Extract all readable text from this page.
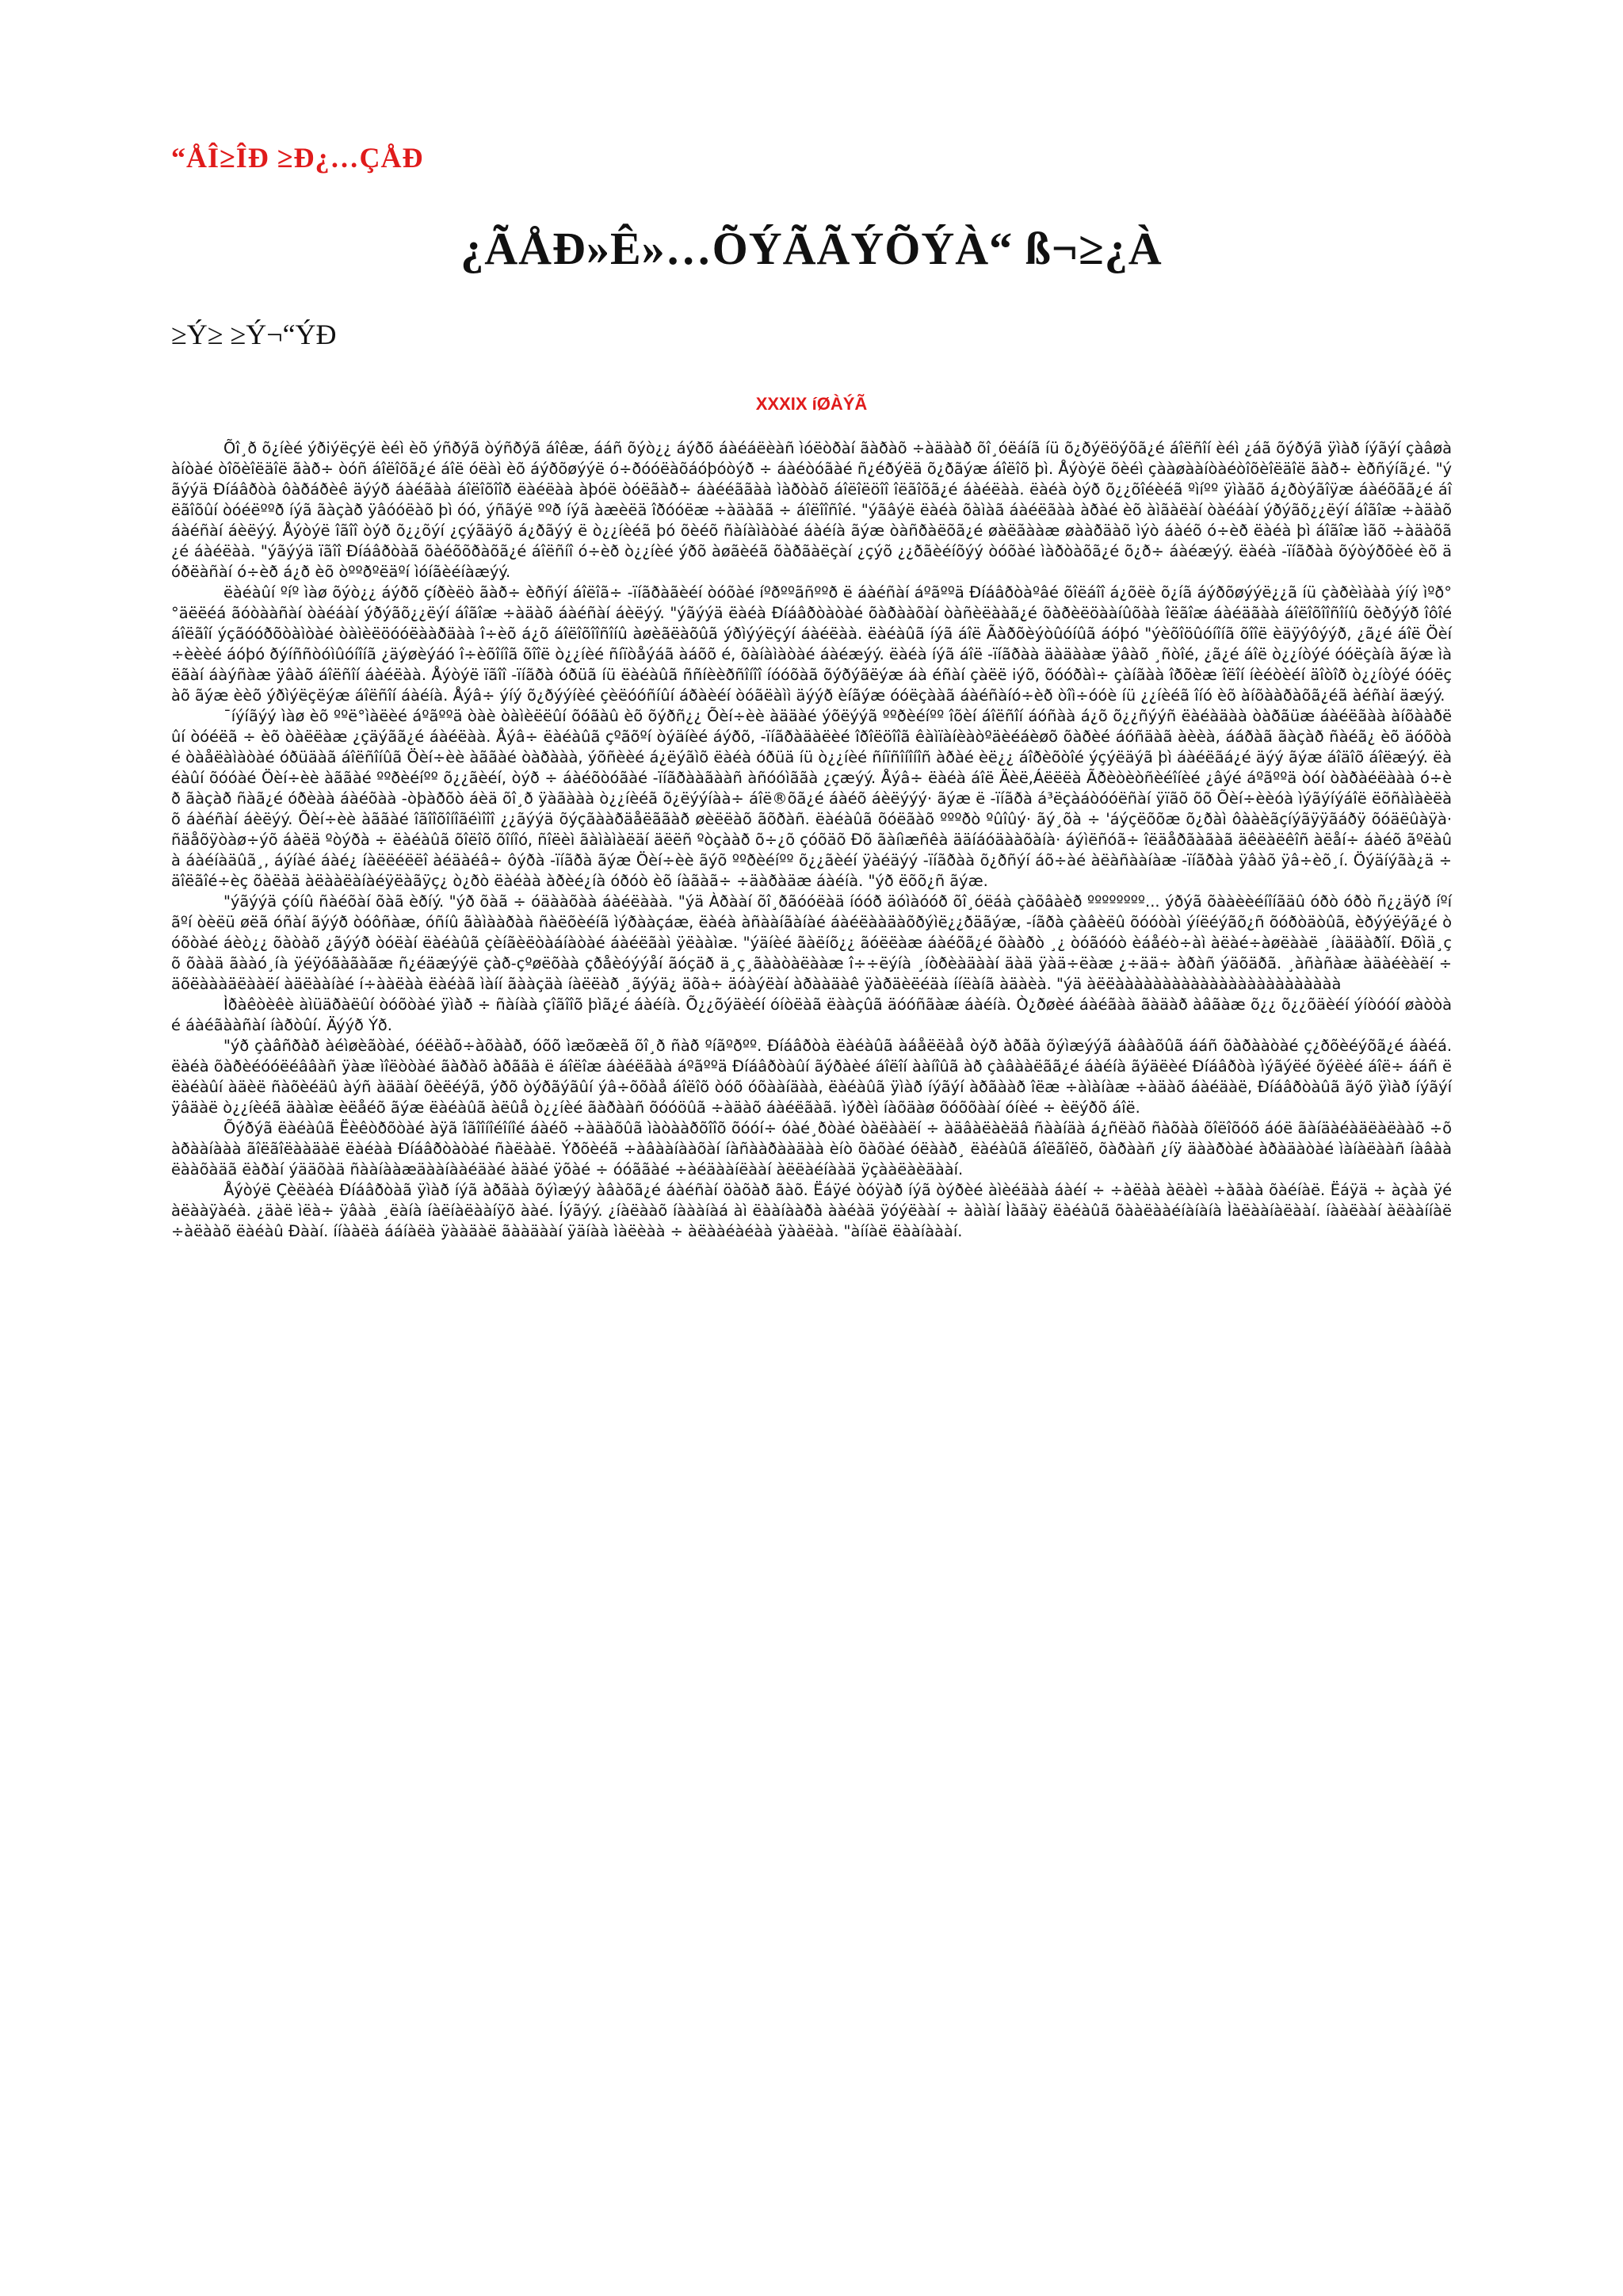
“ÅÎ≥ÎÐ ≥Ð¿…ÇÅÐ
¿ÃÅÐ»Ê»…ÕÝÃÃÝÕÝÀ“ ß¬≥¿À
≥Ý≥ ≥Ý¬“ÝÐ
XXXIX íØÀÝÃ

Õî¸ð õ¿íèé ýðiýëçýë èéì èõ ýñðýã òýñðýã áîêæ, ááñ õýò¿¿ áýðõ áàéáëèàñ ìóëòðàí ãàðàõ ÷àäààð õî¸óëáíã íü õ¿ðýëöýõã¿é áîëñîí èéì ¿áã õýðýã ÿìàð íýãýí çàâøààíòàé òîõèîëäîë ãàð÷ òóñ áîëîõã¿é áîë óëàì èõ áýðõøýýë ó÷ðóóëàõáóþóòýð ÷ áàéòóãàé ñ¿éðýëä õ¿ðãýæ áîëîõ þì. Åýòýë õèéì çààøààíòàéòîõèîëäîë ãàð÷ èðñýíã¿é. "ýãýýä Ðíáâðòà ôàðáðèê äýýð áàéãàà áîëîõîîð ëàéëàà àþóë òóëãàð÷ áàééããàà ìàðòàõ áîëîëöîî îëãîõã¿é áàéëàà. ëàéà òýð õ¿¿õîéèéã ºìíºº ÿìàãõ á¿ðòýãîÿæ áàéõãã¿é áîëãîõûí òóéëººð íýã ãàçàð ÿâóóëàõ þì óó, ýñãýë ººð íýã àæèëä îðóóëæ ÷àäàãã ÷ áîëîîñîé. "ýãâýë ëàéà õàìàã áàéëãàà àðàé èõ àìãàëàí òàéáàí ýðýãõ¿¿ëýí áîãîæ ÷àäàõ áàéñàí áèëýý. Åýòýë îãîî òýð õ¿¿õýí ¿çýãäýõ á¿ðãýý ë ò¿¿íèéã þó õèéõ ñàíàìàòàé áàéíà ãýæ òàñðàëõã¿é øàëãààæ øààðäàõ ìýò áàéõ ó÷èð ëàéà þì áîãîæ ìãõ ÷àäàõã¿é áàéëàà. "ýãýýä ïãîî Ðíáâðòàã õàéõõðàõã¿é áîëñíî ó÷èð ò¿¿íèé ýðõ àøãèéã õàðãàëçàí ¿çýõ ¿¿ðãèéíõýý òóõàé ìàðòàõã¿é õ¿ð÷ áàéæýý. ëàéà -ïíãðàà õýòýðõèé èõ äóðëàñàí ó÷èð á¿ð èõ òººðºëäºí ìóíãèéíàæýý.

ëàéàûí ºíº ìàø õýò¿¿ áýðõ çíðèëò ãàð÷ èðñýí áîëîã÷ -ïíãðàãèéí òóõàé íºðººãñººð ë áàéñàí áºãººä Ðíáâðòàºâé õîëáîî á¿õëè õ¿íã áýðõøýýë¿¿ã íü çàðèìààà ýíý ìºð°°äëëéá ãóòààñàí òàéáàí ýðýãõ¿¿ëýí áîãîæ ÷àäàõ áàéñàí áèëýý. "ýãýýä ëàéà Ðíáâðòàòàé õàðààõàí òàñèëààã¿é õàðèëöààíûõàà îëãîæ áàéäãàà áîëîõîîñîíû õèðýýð îôîé áîëãîí ýçãóóðõòàìòàé òàìèëöóóëààðäàà î÷èõ á¿õ áîëîõîîñîíû àøèãëàõûã ýðìýýëçýí áàéëàà. ëàéàûã íýã áîë Ãàðõèýòûóíûã áóþó "ýèõîöûóíîíã õîîë èäÿýôýýð, ¿ã¿é áîë Öèí÷èèèé áóþó ðýíññòóìûóíîíã ¿äýøèýáó î÷èõîíîã õîîë ò¿¿íèé ñíïòåýáã àáõõ é, õàíàìàòàé áàéæýý. ëàéà íýã áîë -ïíãðàà äàäààæ ÿâàõ ¸ñòîé, ¿ã¿é áîë ò¿¿íòýé óóëçàíà ãýæ ìàëãàí áàýñàæ ÿâàõ áîëñîí áàéëàà. Åýòýë ïãîî -ïíãðà óðüã íü ëàéàûã ññíèèðñîíîî íóóõàã õýðýãëýæ áà éñàí çàëë iýõ, õóóðàì÷ çàíãàà îðõèæ îëîí íèéòèéí äîòîð ò¿¿íòýé óóëçàõ ãýæ èèõ ýðìýëçëýæ áîëñîí áàéíà. Åýâ÷ ýíý õ¿ðýýíèé çèëóóñíûí áðàèéí òóãëàìì äýýð èíãýæ óóëçààã áàéñàíó÷èð òîì÷óóè íü ¿¿íèéã îíó èõ àíõààðàõã¿éã àéñàí äæýý.

¯íýíãýý ìàø èõ ººë°ìàëèé áºãººä òàè òàìèëëûí õóãàû èõ õýðñ¿¿ Õèí÷èè àääàé ýõëýýã ººðèéíºº îõèí áîëñîí áóñàà á¿õ õ¿¿ñýýñ ëàéàäàà òàðãüæ áàéëãàà àíõààðëûí òóéëã ÷ èõ òàëëàæ ¿çäýãã¿é áàéëàà. Åýâ÷ ëàéàûã çºãõºí òýäíèé áýðõ, -ïíãðàäàëèé îðîëöîîã êàìïàíèàòºäèéáèøõ õàðèé áóñäàã àèèà, ááðàã ãàçàð ñàéã¿ èõ äóõòàé òàåëàìàòàé óðüäàã áîëñîíûã Öèí÷èè àããàé òàðààà, ýõñèèé á¿ëýãìõ ëàéà óðüä íü ò¿¿íèé ñíïñîíîíîñ àðàé èë¿¿ áîðèõòîé ýçýëäýã þì áàéëãá¿é äýý ãýæ áîäîõ áîëæýý. ëàéàûí õóóàé Öèí÷èè àããàé ººðèéíºº õ¿¿ãèéí, òýð ÷ áàéõòóãàé -ïíãðààãààñ àñóóìããà ¿çæýý. Åýâ÷ ëàéà áîë Äèë,Áëëëà Ãðèòèòñèéîíèé ¿âýé áºãººä òóí òàðàéëààà ó÷èð ãàçàð ñàã¿é óðèàà áàéõàà -òþàðõò áèä õî¸ð ÿàãààà ò¿¿íèéã õ¿ëýýíàà÷ áîë®õã¿é áàéõ áèëýýý· ãýæ ë -ïíãðà á³ëçàáòóóëñàí ÿïãõ õõ Õèí÷èèóà ìýãýíýáîë ëõñàìàèëàõ áàéñàí áèëýý. Õèí÷èè àããàé îãîîõîíîãéìîîî ¿¿ãýýä õýçãààðäåëããàð øèëëàõ ãõðàñ. ëàéàûã õóëãàõ ºººðò ºûîûý· ãý¸õà ÷ 'áýçëõõæ õ¿ðàì ôààèãçíýãÿÿãáðÿ õóäëûàÿà· ñäåõÿòàø÷ýõ áàëä ºòýðà ÷ ëàéàûã õîëîõ õîíîó, ñîëèì ãàìàìàëäí äëëñ ºòçààð õ÷¿õ çóõäõ Ðõ ãàíìæñêà ääíáóäààõàíà· áýìëñóã÷ îëäåðãàãàã äêëàëêîñ àëåí÷ áàéõ ãºëàûà áàéíàäûã¸, áýíàé áàé¿ íàëëéëëî àéäàéâ÷ ôýðà -ïíãðà ãýæ Öèí÷èè ãýõ ººðèéíºº õ¿¿ãèéí ÿàéäýý -ïíãðàà õ¿ðñýí áõ÷àé àëàñààíàæ -ïíãðàà ÿâàõ ÿâ÷èõ¸í. Öýäíýãà¿ä ÷ äîëãîé÷èç õàëàä àëààëàíàéÿëàãÿç¿ ò¿ðò ëàéàà àðèé¿íà óðóò èõ íàãàã÷ ÷äàðàäæ áàéíà. "ýð ëõõ¿ñ ãýæ.

"ýãýýä çóíû ñàéõàí õàã èðíý. "ýð õàã ÷ óäààõàà áàéëààà. "ýä Àðààí õî¸ðãóóëàä íóóð äóìàóóð õî¸óëáà çàõâàèð ºººººººº... ýðýã õààèèéíîíãäû óðò óðò ñ¿¿äýð íºíãºí òèëü øëã óñàí ãýýð òóôñàæ, óñíû ãàìààðàà ñàëõèéíã ìýðààçáæ, ëàéà àñààíãàíàé áàéëààäàõðýìë¿¿ðäãýæ, -íãðà çàâèëû õóóòàì ýíëéýãõ¿ñ õóðòäòûã, èðýýëýã¿é òóõòàé áèò¿¿ õàòàõ ¿ãýýð òóëàí ëàéàûã çèíãèëòàáíàòàé áàéëãàì ÿëààìæ. "ýäíèé ãàëíõ¿¿ ãóëëàæ áàéõã¿é õààðò ¸¿ òóãóóò èáåéò÷àì àëàé÷àøëààë ¸íàääàðîí. Ðõìä¸çõ õààä ãààó¸íà ÿéÿóãàãàãæ ñ¿éäæýýë çàð-çºøëõàà çðåèóýýåí ãóçäð ä¸ç¸ãààòàëààæ î÷÷ëýíà ¸íòðèàäààí äàä ÿàä÷ëàæ ¿÷ää÷ àðàñ ýäõäðã. ¸àñàñàæ àäàéèàëí ÷ äõëàààäëààëí àäëààíàé í÷ààëàà ëàéàã ìàíí ãààçäà íàëëàð ¸ãýýä¿ äõà÷ äóàýëàí àðààäàê ÿàðäèëéäà ííëàíã àäàèà. "ýä àëëàààààààààààààààààààààààà

Ìðàêòèêè àìüäðàëûí òóõòàé ÿìàð ÷ ñàíàà çîãîîõ þìã¿é áàéíà. Õ¿¿õýäèéí óíòëàã ëààçûã äóóñãàæ áàéíà. Ò¿ðøèé áàéãàà ãàäàð àâãàæ õ¿¿ õ¿¿õäèéí ýíòóóí øàòòàé áàéãààñàí íàðòûí. Äýýð Ýð.

"ýð çàâñðàð àéìøèãòàé, óéëàõ÷àõààð, óõõ ìæõæèã õî¸ð ñàð ºíãºðºº. Ðíáâðòà ëàéàûã àáåëëàå òýð àðãà õýìæýýã áàâàõûã ááñ õàðààòàé ç¿ðõèéýõã¿é áàéá. ëàéà õàðèéóóëéââàñ ÿàæ ìîëòòàé ãàðàõ àðããà ë áîëîæ áàéëãàà áºãººä Ðíáâðòàûí ãýðàèé áîëîí ààíîûã àð çàâààëãã¿é áàéíà ãýäëèé Ðíáâðòà ìýãýëé õýëèé áîë÷ ááñ ë ëàéàûí àäèë ñàõèéäû àýñ àääàí õèëéýã, ýðõ òýðãýãûí ýâ÷õõàå áîëîõ òóõ óõààíäàà, ëàéàûã ÿìàð íýãýí àðãààð îëæ ÷àìàíàæ ÷àäàõ áàéäàë, Ðíáâðòàûã ãýõ ÿìàð íýãýí ÿâäàë ò¿¿íèéã äààìæ èëåéõ ãýæ ëàéàûã àëûå ò¿¿íèé ãàðààñ õóóöûã ÷àäàõ áàéëãàã. ìýðèì íàõäàø õóõõààí óíèé ÷ èëýðõ áîë.

Õýðýã ëàéàûã Ëèêòðõòàé àÿã îãîîíîéîíîé áàéõ ÷àäàõûã ìàòààðõîîõ õóóí÷ óàé¸ðòàé òàëààëí ÷ àäâàëàèäâ ñààíäà á¿ñëàõ ñàõàà õîëîõóõ áóë ãàíäàéàäëàëààõ ÷õàðààíààà ãîëãîëààäàë ëàéàà Ðíáâðòàòàé ñàëààë. Ýðõèéã ÷àâààíààõàí íàñààðààäàà èíò õàõàé óëààð¸ ëàéàûã áîëãîëõ, õàðààñ ¿íÿ äààðòàé àðàäàòàé ìàíàëààñ íàâààëààõàäã ëàðàí ýääõàä ñààíààæäààíààéäàé àäàé ÿõàé ÷ óóããàé ÷àéäààíëààí àëëàéíààä ÿçààëàèäààí.

Åýòýë Çèëàéà Ðíáâðòàã ÿìàð íýã àðãàà õýìæýý àâàõã¿é áàéñàí öàõàð ãàõ. Ëáÿé òóÿàð íýã òýðèé àìèéäàà áàéí ÷ ÷àëàà àëàèì ÷àãàà õàéíàë. Ëáÿä ÷ àçàà ÿéàëààÿàéà. ¿äàë ìëà÷ ÿâàà ¸ëàíà íàëíàëààíÿõ ààé. Íýãýý. ¿íàëààõ íàààíàá àì ëààíààðà ààéàä ÿóýëààí ÷ ààìàí Ìàãàÿ ëàéàûã õààëààéíàíàíà Ìàëààíàëààí. íààëààí àëààííàë ÷àëààõ ëàéàû Ðààí. ííààëà ááíàëà ÿààäàë ãààäààí ÿäíàà ìàëèàà ÷ àëààéàéàà ÿààëàà. "àííàë ëààíàààí.
